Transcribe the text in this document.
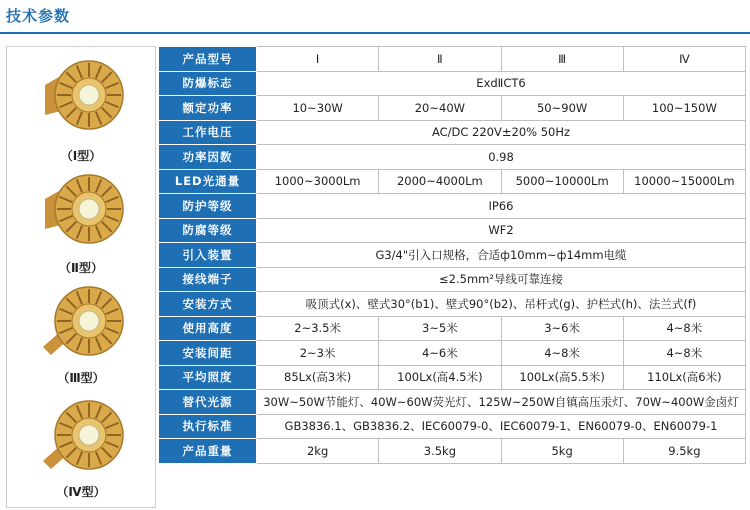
技术参数
（Ⅰ型）
（Ⅱ型）
（Ⅲ型）
（Ⅳ型）
产品型号	Ⅰ	Ⅱ	Ⅲ	Ⅳ
防爆标志	ExdⅡCT6			
额定功率	10~30W	20~40W	50~90W	100~150W
工作电压	AC/DC 220V±20% 50Hz			
功率因数	0.98			
LED光通量	1000~3000Lm	2000~4000Lm	5000~10000Lm	10000~15000Lm
防护等级	IP66			
防腐等级	WF2			
引入装置	G3/4"引入口规格，合适ф10mm~ф14mm电缆			
接线端子	≤2.5mm²导线可靠连接			
安装方式	吸顶式(x)、壁式30°(b1)、壁式90°(b2)、吊杆式(g)、护栏式(h)、法兰式(f)			
使用高度	2~3.5米	3~5米	3~6米	4~8米
安装间距	2~3米	4~6米	4~8米	4~8米
平均照度	85Lx(高3米)	100Lx(高4.5米)	100Lx(高5.5米)	110Lx(高6米)
替代光源	30W~50W节能灯、40W~60W荧光灯、125W~250W自镇高压汞灯、70W~400W金卤灯			
执行标准	GB3836.1、GB3836.2、IEC60079-0、IEC60079-1、EN60079-0、EN60079-1			
产品重量	2kg	3.5kg	5kg	9.5kg
